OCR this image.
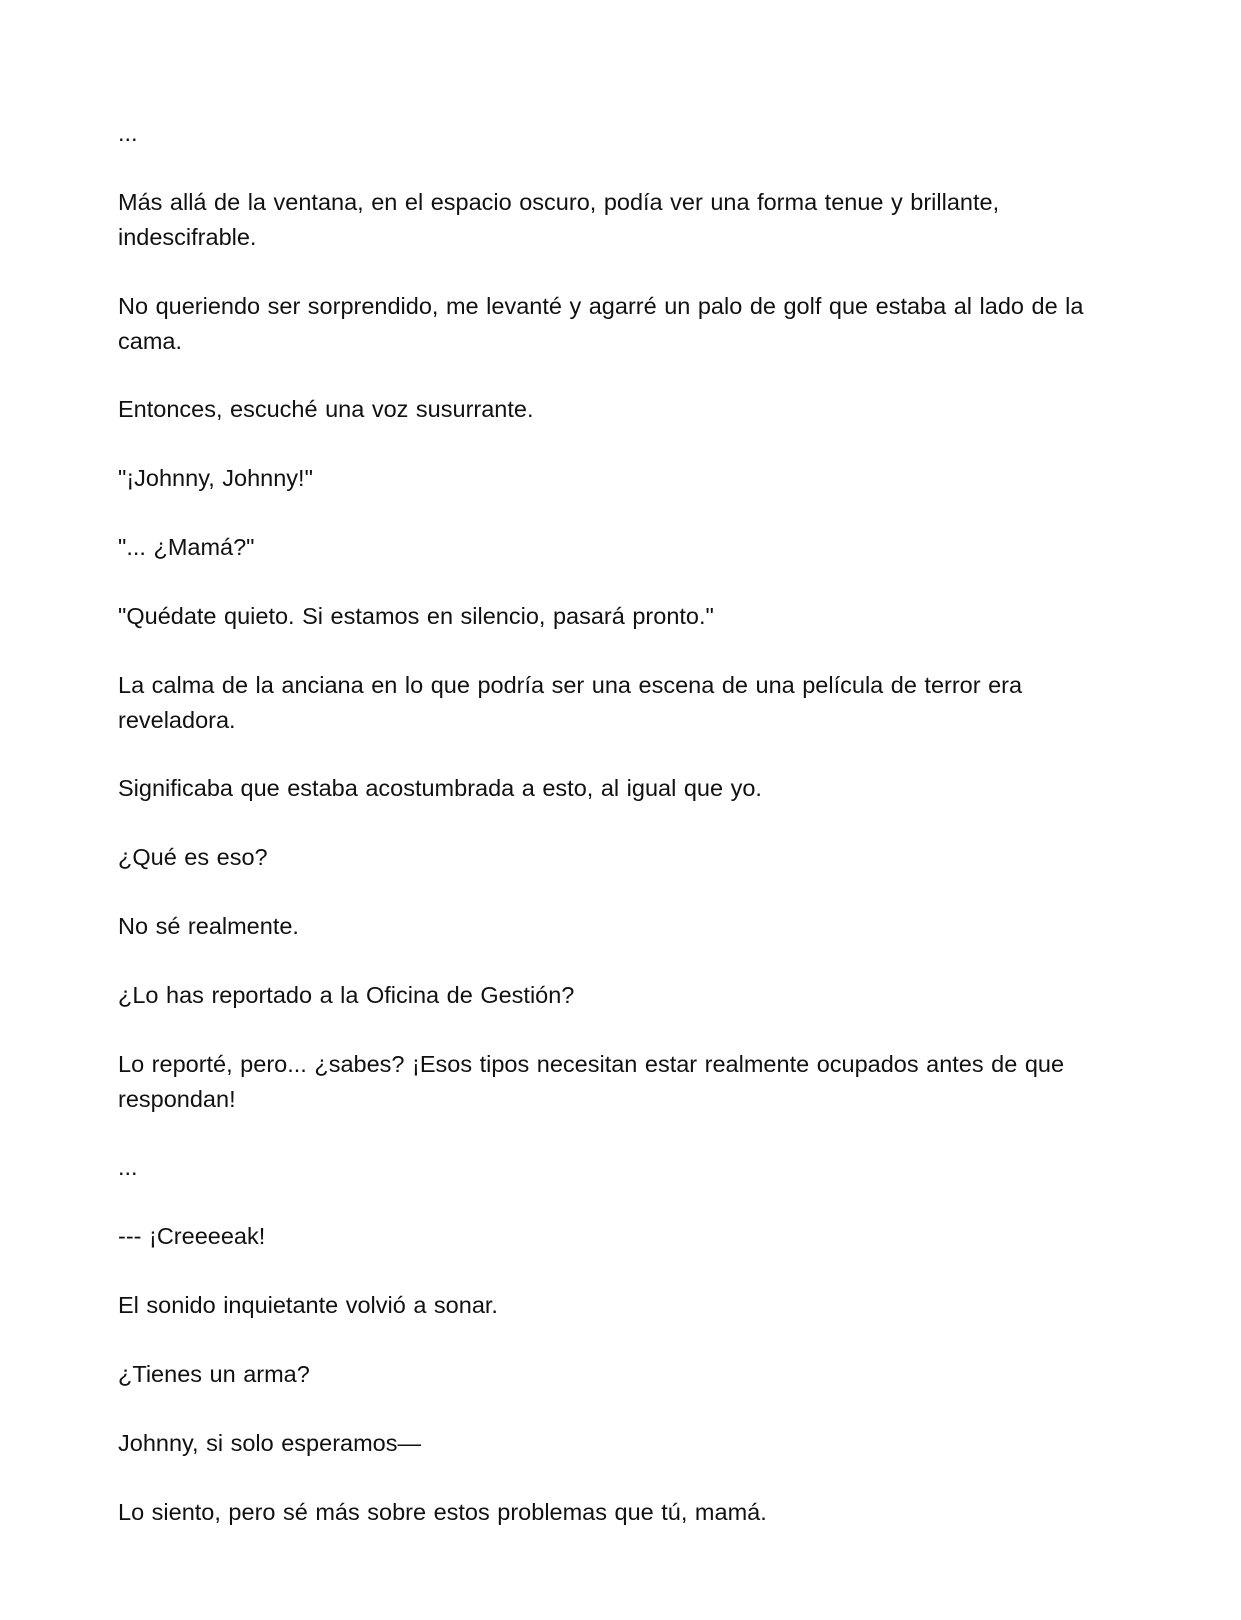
...

Más allá de la ventana, en el espacio oscuro, podía ver una forma tenue y brillante, indescifrable.

No queriendo ser sorprendido, me levanté y agarré un palo de golf que estaba al lado de la cama.

Entonces, escuché una voz susurrante.

"¡Johnny, Johnny!"

"... ¿Mamá?"

"Quédate quieto. Si estamos en silencio, pasará pronto."

La calma de la anciana en lo que podría ser una escena de una película de terror era reveladora.

Significaba que estaba acostumbrada a esto, al igual que yo.

¿Qué es eso?

No sé realmente.

¿Lo has reportado a la Oficina de Gestión?

Lo reporté, pero... ¿sabes? ¡Esos tipos necesitan estar realmente ocupados antes de que respondan!

...

--- ¡Creeeeak!

El sonido inquietante volvió a sonar.

¿Tienes un arma?

Johnny, si solo esperamos—

Lo siento, pero sé más sobre estos problemas que tú, mamá.
